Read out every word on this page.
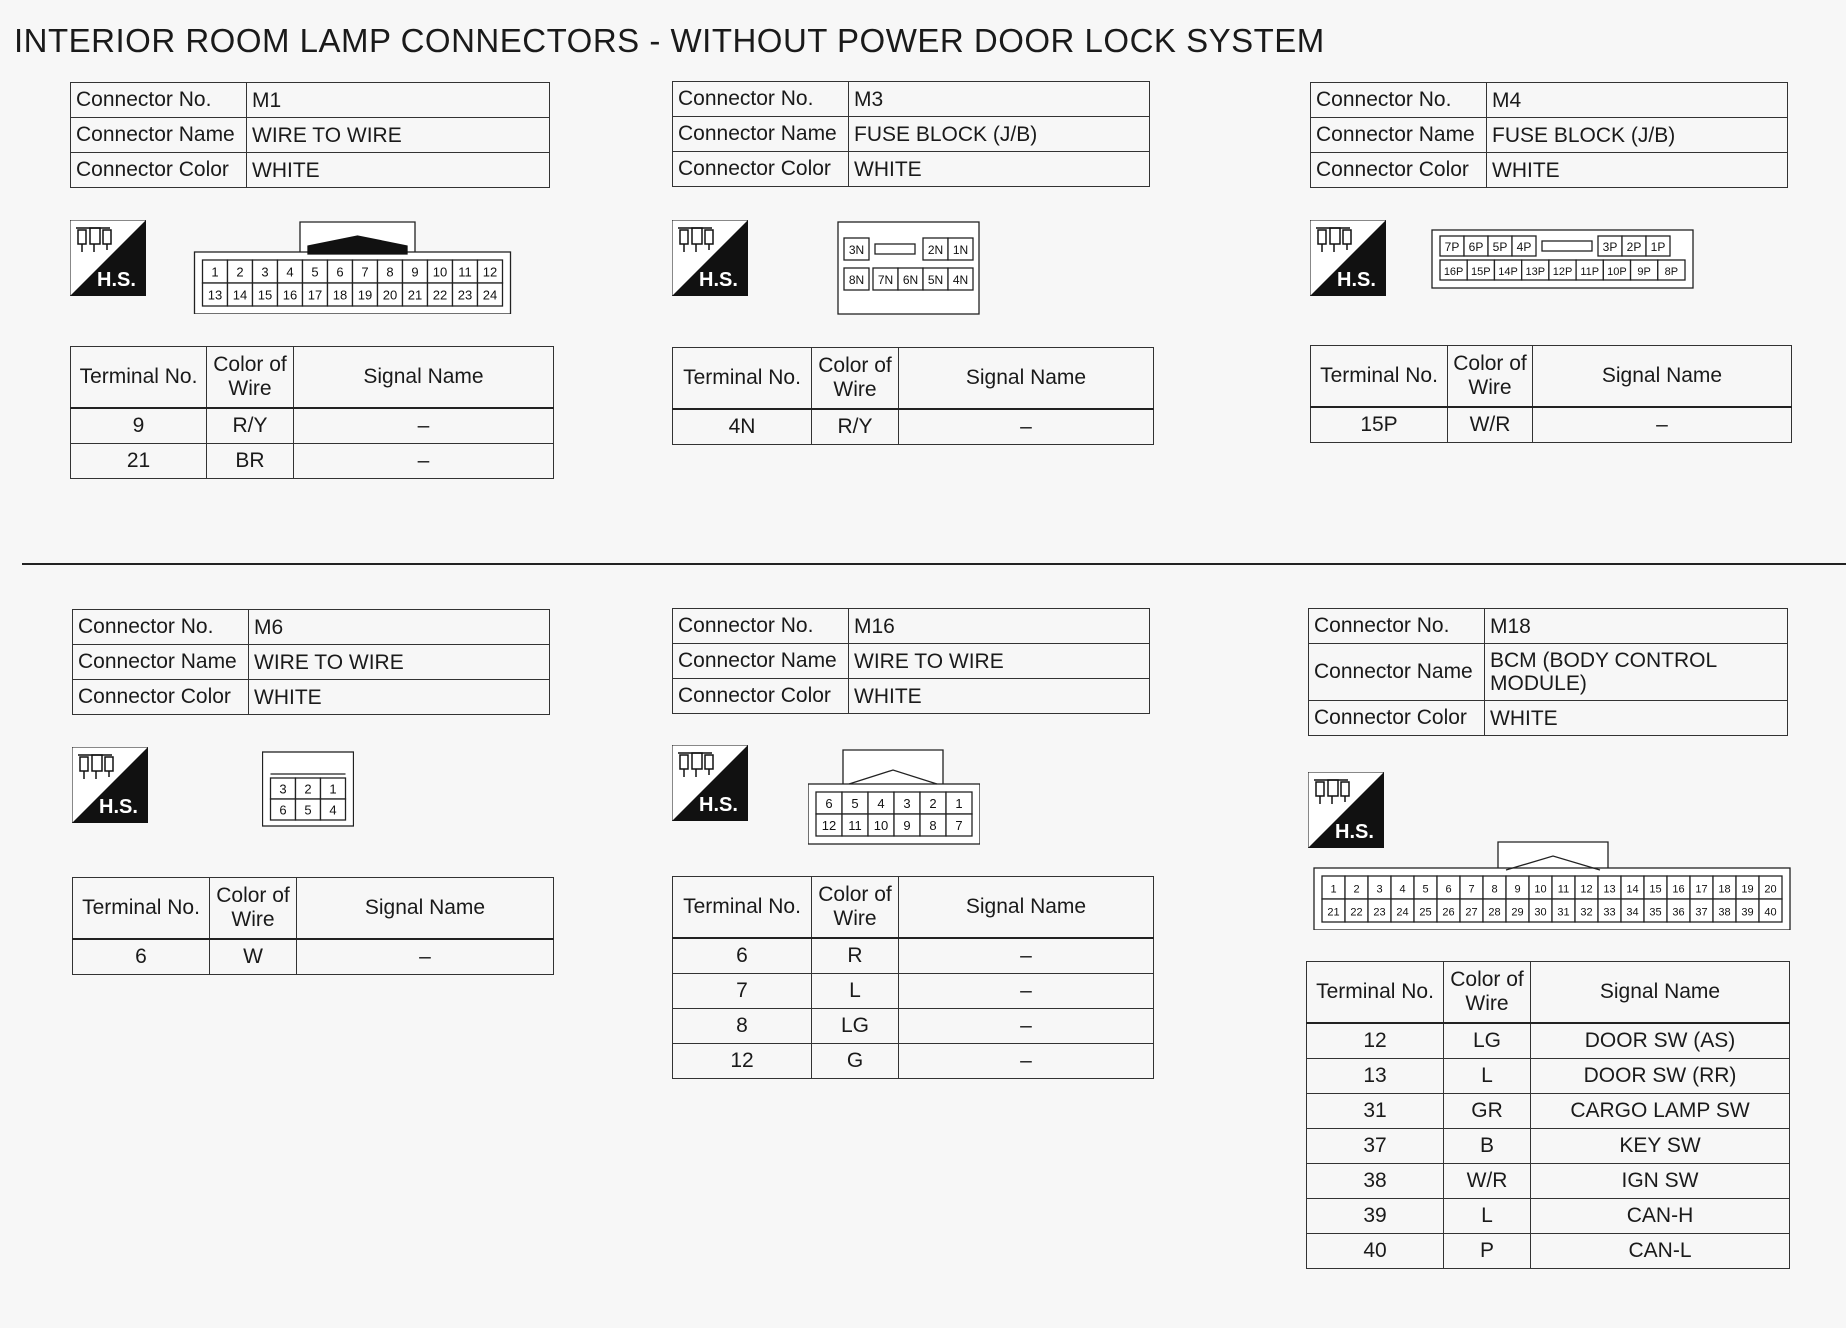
INTERIOR ROOM LAMP CONNECTORS - WITHOUT POWER DOOR LOCK SYSTEM
Connector No.	M1
Connector Name	WIRE TO WIRE
Connector Color	WHITE
H.S.	1 2 3 4 5 6 7 8 9 10 11 12
13 14 15 16 17 18 19 20 21 22 23 24
Terminal No.	Color of Wire	Signal Name
9	R/Y	–
21	BR	–
Connector No.	M3
Connector Name	FUSE BLOCK (J/B)
Connector Color	WHITE
H.S.
3N	2N 1N
8N 7N 6N 5N 4N
Terminal No.	Color of Wire	Signal Name
4N	R/Y	–
Connector No.	M4
Connector Name	FUSE BLOCK (J/B)
Connector Color	WHITE
H.S.
7P 6P 5P 4P	3P 2P 1P
16P 15P 14P 13P 12P 11P 10P 9P 8P
Terminal No.	Color of Wire	Signal Name
15P	W/R	–
Connector No.	M6
Connector Name	WIRE TO WIRE
Connector Color	WHITE
H.S.
3 2 1
6 5 4
Terminal No.	Color of Wire	Signal Name
6	W	–
Connector No.	M16
Connector Name	WIRE TO WIRE
Connector Color	WHITE
H.S.	6 5 4 3 2 1
12 11 10 9 8 7
Terminal No.	Color of Wire	Signal Name
6	R	–
7	L	–
8	LG	–
12	G	–
Connector No.	M18
Connector Name	BCM (BODY CONTROL MODULE)
Connector Color	WHITE
H.S.
1 2 3 4 5 6 7 8 9 10 11 12 13 14 15 16 17 18 19 20
21 22 23 24 25 26 27 28 29 30 31 32 33 34 35 36 37 38 39 40
Terminal No.	Color of Wire	Signal Name
12	LG	DOOR SW (AS)
13	L	DOOR SW (RR)
31	GR	CARGO LAMP SW
37	B	KEY SW
38	W/R	IGN SW
39	L	CAN-H
40	P	CAN-L
